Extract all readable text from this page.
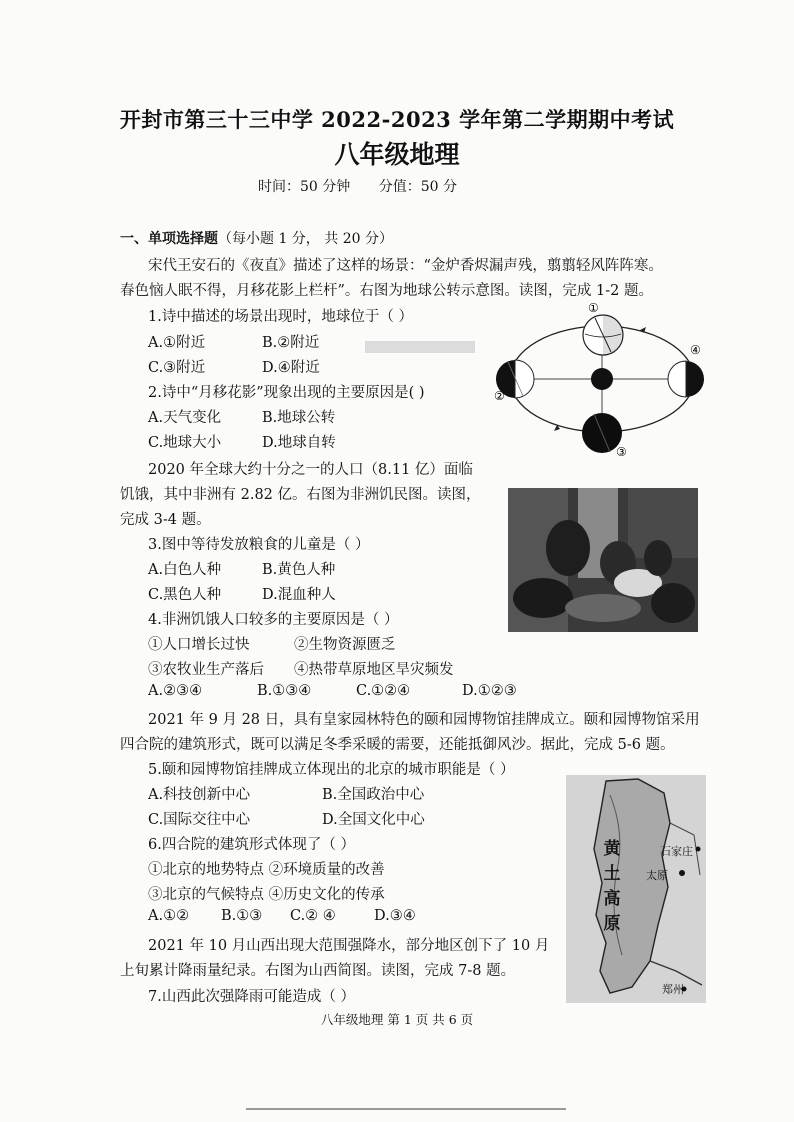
开封市第三十三中学 2022-2023 学年第二学期期中考试
八年级地理
时间：50 分钟 分值：50 分
一、单项选择题（每小题 1 分， 共 20 分）
宋代王安石的《夜直》描述了这样的场景：“金炉香烬漏声残，翦翦轻风阵阵寒。
春色恼人眠不得，月移花影上栏杆”。右图为地球公转示意图。读图，完成 1-2 题。
1.诗中描述的场景出现时，地球位于（ ）
A.①附近	B.②附近
C.③附近	D.④附近
2.诗中“月移花影”现象出现的主要原因是( )
A.天气变化	B.地球公转
C.地球大小	D.地球自转
①
②
③
④
2020 年全球大约十分之一的人口（8.11 亿）面临
饥饿，其中非洲有 2.82 亿。右图为非洲饥民图。读图，
完成 3-4 题。
3.图中等待发放粮食的儿童是（ ）
A.白色人种	B.黄色人种
C.黑色人种	D.混血种人
4.非洲饥饿人口较多的主要原因是（ ）
①人口增长过快	②生物资源匮乏
③农牧业生产落后 ④热带草原地区旱灾频发
A.②③④	B.①③④	C.①②④	D.①②③
2021 年 9 月 28 日，具有皇家园林特色的颐和园博物馆挂牌成立。颐和园博物馆采用
四合院的建筑形式，既可以满足冬季采暖的需要，还能抵御风沙。据此，完成 5-6 题。
5.颐和园博物馆挂牌成立体现出的北京的城市职能是（ ）
A.科技创新中心	B.全国政治中心
C.国际交往中心	D.全国文化中心
6.四合院的建筑形式体现了（ ）
①北京的地势特点 ②环境质量的改善
③北京的气候特点 ④历史文化的传承
A.①② B.①③ C.② ④	D.③④
黄
土
高
原
石家庄
太原
郑州
2021 年 10 月山西出现大范围强降水，部分地区创下了 10 月
上旬累计降雨量纪录。右图为山西简图。读图，完成 7-8 题。
7.山西此次强降雨可能造成（ ）
八年级地理 第 1 页 共 6 页
